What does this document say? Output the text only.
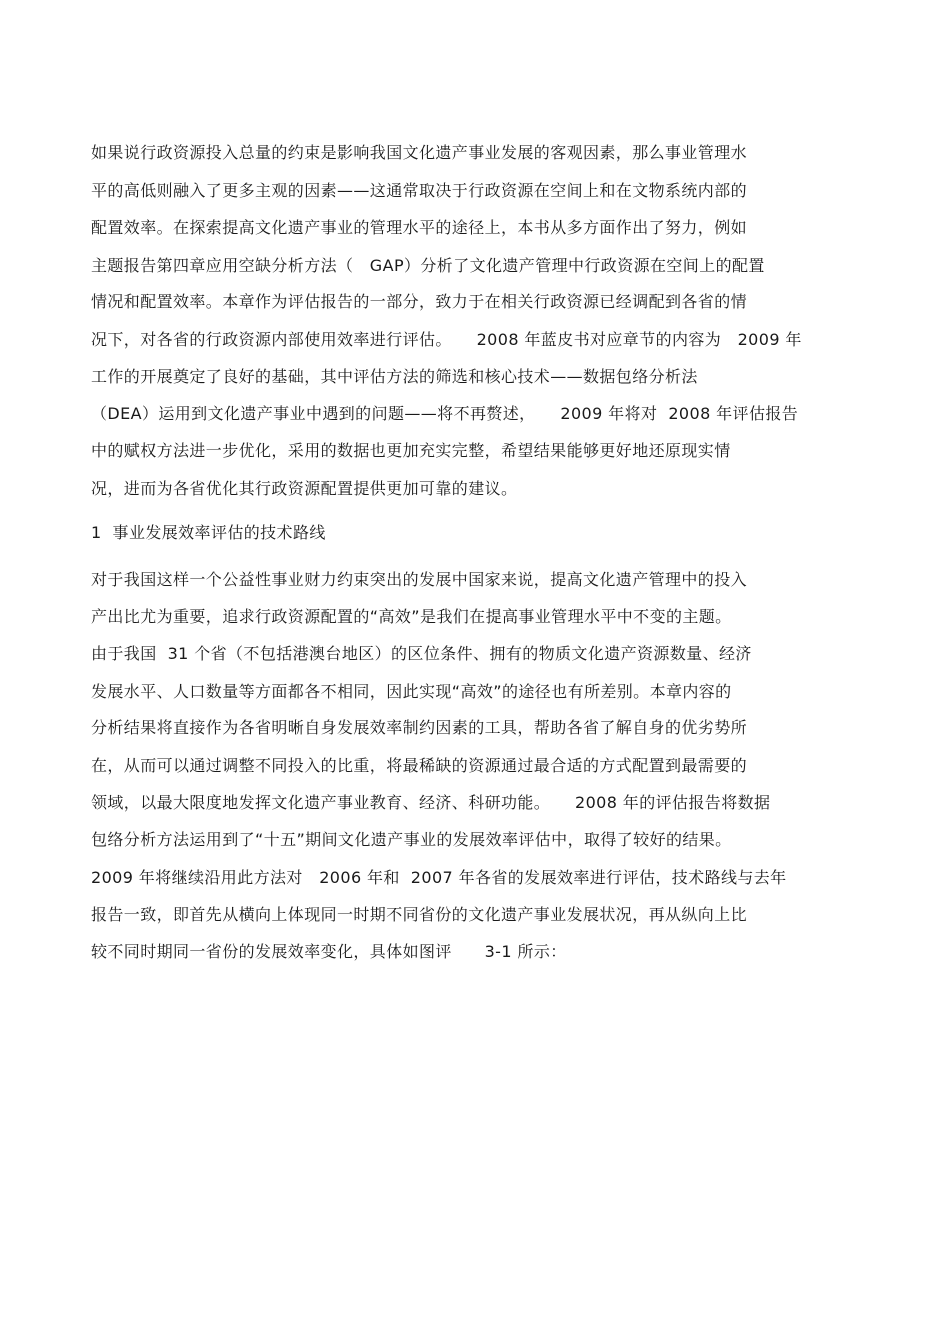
如果说行政资源投入总量的约束是影响我国文化遗产事业发展的客观因素，那么事业管理水
平的高低则融入了更多主观的因素——这通常取决于行政资源在空间上和在文物系统内部的
配置效率。在探索提高文化遗产事业的管理水平的途径上，本书从多方面作出了努力，例如
主题报告第四章应用空缺分析方法（　GAP）分析了文化遗产管理中行政资源在空间上的配置
情况和配置效率。本章作为评估报告的一部分，致力于在相关行政资源已经调配到各省的情
况下，对各省的行政资源内部使用效率进行评估。　　2008 年蓝皮书对应章节的内容为　2009 年
工作的开展奠定了良好的基础，其中评估方法的筛选和核心技术——数据包络分析法
（DEA）运用到文化遗产事业中遇到的问题——将不再赘述，　　2009 年将对  2008 年评估报告
中的赋权方法进一步优化，采用的数据也更加充实完整，希望结果能够更好地还原现实情
况，进而为各省优化其行政资源配置提供更加可靠的建议。
1  事业发展效率评估的技术路线
对于我国这样一个公益性事业财力约束突出的发展中国家来说，提高文化遗产管理中的投入
产出比尤为重要，追求行政资源配置的“高效”是我们在提高事业管理水平中不变的主题。
由于我国  31 个省（不包括港澳台地区）的区位条件、拥有的物质文化遗产资源数量、经济
发展水平、人口数量等方面都各不相同，因此实现“高效”的途径也有所差别。本章内容的
分析结果将直接作为各省明晰自身发展效率制约因素的工具，帮助各省了解自身的优劣势所
在，从而可以通过调整不同投入的比重，将最稀缺的资源通过最合适的方式配置到最需要的
领域，以最大限度地发挥文化遗产事业教育、经济、科研功能。　　2008 年的评估报告将数据
包络分析方法运用到了“十五”期间文化遗产事业的发展效率评估中，取得了较好的结果。
2009 年将继续沿用此方法对　2006 年和  2007 年各省的发展效率进行评估，技术路线与去年
报告一致，即首先从横向上体现同一时期不同省份的文化遗产事业发展状况，再从纵向上比
较不同时期同一省份的发展效率变化，具体如图评　　3-1 所示：
